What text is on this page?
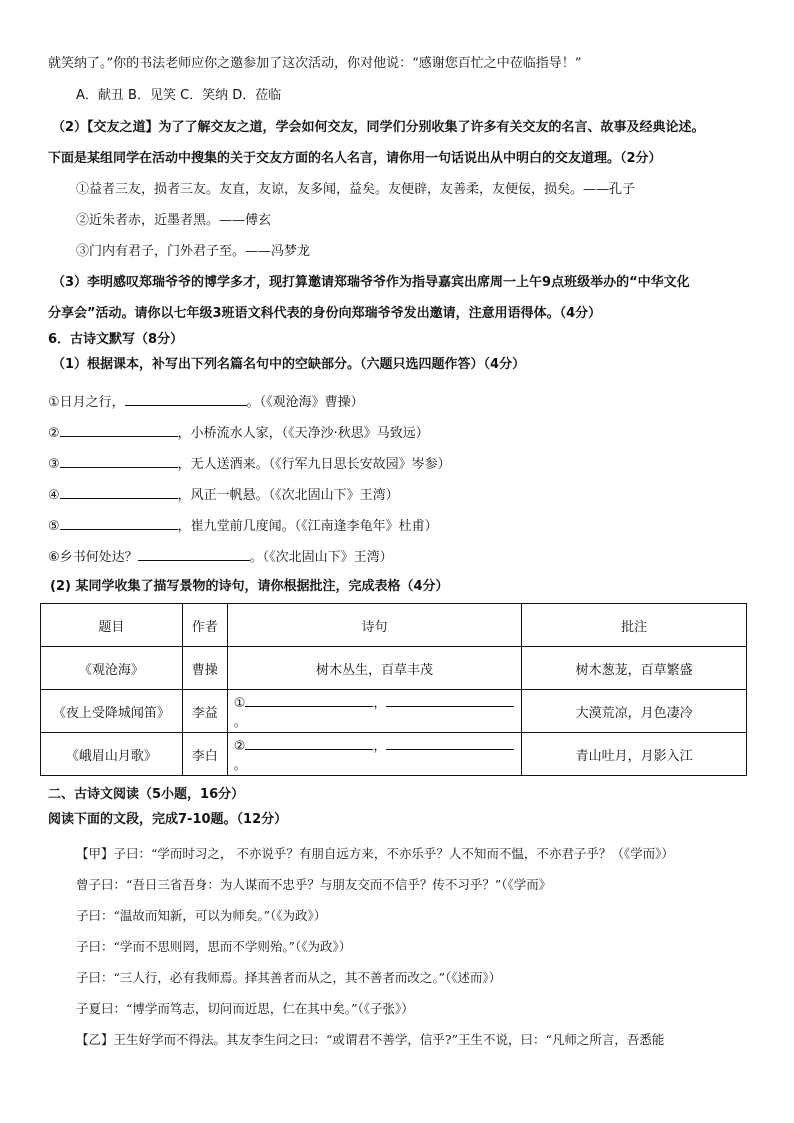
就笑纳了。”你的书法老师应你之邀参加了这次活动，你对他说：“感谢您百忙之中莅临指导！”
A．献丑 B．见笑 C．笑纳 D．莅临
（2）【交友之道】为了了解交友之道，学会如何交友，同学们分别收集了许多有关交友的名言、故事及经典论述。
下面是某组同学在活动中搜集的关于交友方面的名人名言，请你用一句话说出从中明白的交友道理。（2分）
①益者三友，损者三友。友直，友谅，友多闻，益矣。友便辟，友善柔，友便佞，损矣。——孔子
②近朱者赤，近墨者黑。——傅玄
③门内有君子，门外君子至。——冯梦龙
（3）李明感叹郑瑞爷爷的博学多才，现打算邀请郑瑞爷爷作为指导嘉宾出席周一上午9点班级举办的“中华文化
分享会”活动。请你以七年级3班语文科代表的身份向郑瑞爷爷发出邀请，注意用语得体。（4分）
6．古诗文默写（8分）
（1）根据课本，补写出下列名篇名句中的空缺部分。（六题只选四题作答）（4分）
①日月之行，	。（《观沧海》曹操）
②	，小桥流水人家，（《天净沙·秋思》马致远）
③	，无人送酒来。（《行军九日思长安故园》岑参）
④	，风正一帆悬。（《次北固山下》王湾）
⑤	，崔九堂前几度闻。（《江南逢李龟年》杜甫）
⑥乡书何处达？	。（《次北固山下》王湾）
(2) 某同学收集了描写景物的诗句，请你根据批注，完成表格（4分）
题目	作者	诗句	批注
《观沧海》	曹操	树木丛生，百草丰茂	树木葱茏，百草繁盛
《夜上受降城闻笛》	李益	① ，。	大漠荒凉，月色凄冷
《峨眉山月歌》	李白	② ，。	青山吐月，月影入江
二、古诗文阅读（5小题，16分）
阅读下面的文段，完成7-10题。（12分）
【甲】子曰：“学而时习之， 不亦说乎？有朋自远方来，不亦乐乎？人不知而不愠，不亦君子乎？（《学而》）
曾子曰：“吾日三省吾身：为人谋而不忠乎？与朋友交而不信乎？传不习乎？”（《学而》
子曰：“温故而知新，可以为师矣。”（《为政》）
子曰：“学而不思则罔，思而不学则殆。”（《为政》）
子曰：“三人行，必有我师焉。择其善者而从之，其不善者而改之。”（《述而》）
子夏曰：“博学而笃志，切问而近思，仁在其中矣。”（《子张》）
【乙】王生好学而不得法。其友李生问之曰：“或谓君不善学，信乎?”王生不说，曰：“凡师之所言，吾悉能
